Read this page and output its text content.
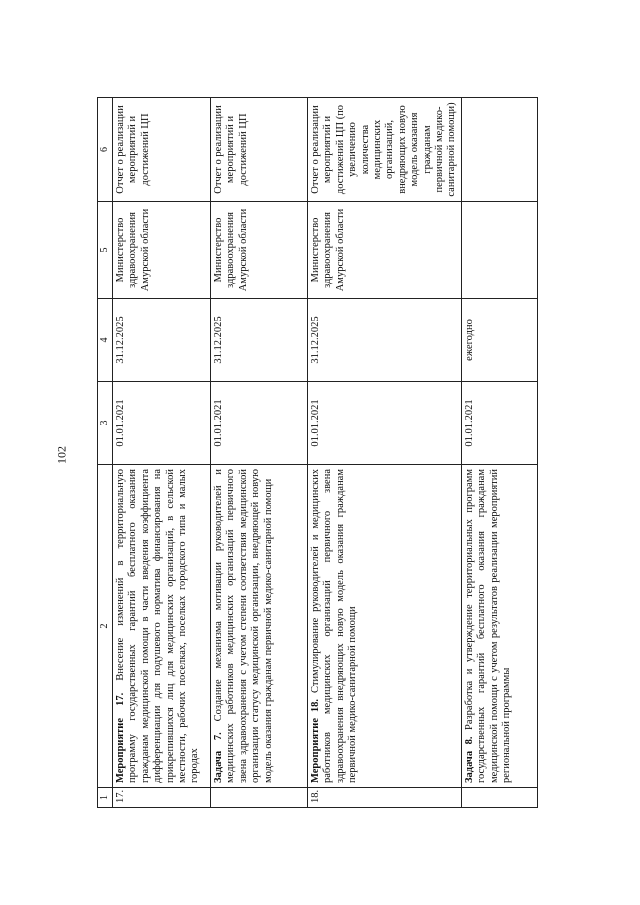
102
1	2	3	4	5	6
17.	Мероприятие 17. Внесение изменений в территориальную программу государственных гарантий бесплатного оказания гражданам медицинской помощи в части введения коэффициента дифференциации для подушевого норматива финансирования на прикрепившихся лиц для медицинских организаций, в сельской местности, рабочих поселках, поселках городского типа и малых городах	01.01.2021	31.12.2025	Министерство здравоохранения Амурской области	Отчет о реализации мероприятий и достижений ЦП
	Задача 7. Создание механизма мотивации руководителей и медицинских работников медицинских организаций первичного звена здравоохранения с учетом степени соответствия медицинской организации статусу медицинской организации, внедряющей новую модель оказания гражданам первичной медико-санитарной помощи	01.01.2021	31.12.2025	Министерство здравоохранения Амурской области	Отчет о реализации мероприятий и достижений ЦП
18.	Мероприятие 18. Стимулирование руководителей и медицинских работников медицинских организаций первичного звена здравоохранения внедряющих новую модель оказания гражданам первичной медико-санитарной помощи	01.01.2021	31.12.2025	Министерство здравоохранения Амурской области	Отчет о реализации мероприятий и достижений ЦП (по увеличению количества медицинских организаций, внедряющих новую модель оказания гражданам первичной медико-санитарной помощи)
	Задача 8. Разработка и утверждение территориальных программ государственных гарантий бесплатного оказания гражданам медицинской помощи с учетом результатов реализации мероприятий региональной программы	01.01.2021	ежегодно		
